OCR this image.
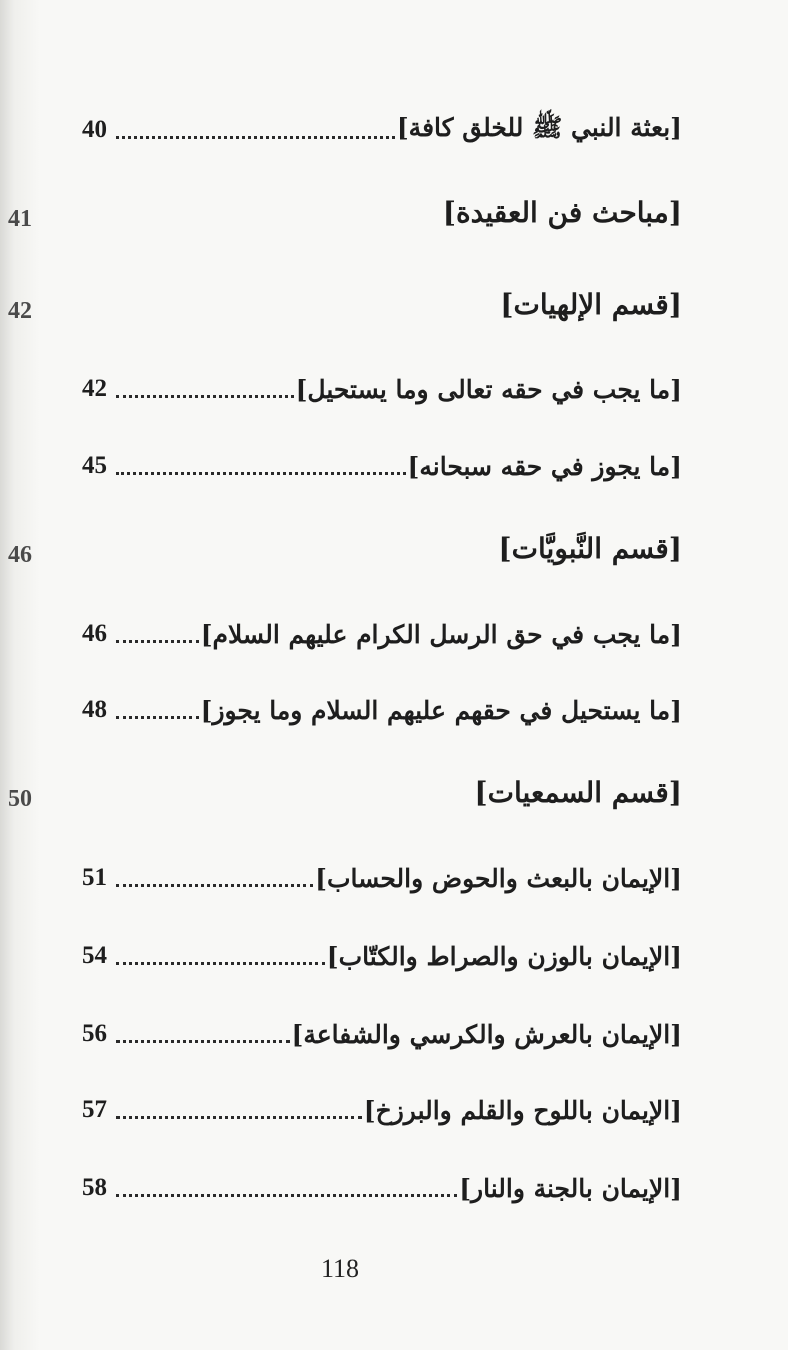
[بعثة النبي ﷺ للخلق كافة]
40
[مباحث فن العقيدة]
41
[قسم الإلهيات]
42
[ما يجب في حقه تعالى وما يستحيل]
42
[ما يجوز في حقه سبحانه]
45
[قسم النَّبويَّات]
46
[ما يجب في حق الرسل الكرام عليهم السلام]
46
[ما يستحيل في حقهم عليهم السلام وما يجوز]
48
[قسم السمعيات]
50
[الإيمان بالبعث والحوض والحساب]
51
[الإيمان بالوزن والصراط والكتّاب]
54
[الإيمان بالعرش والكرسي والشفاعة]
56
[الإيمان باللوح والقلم والبرزخ]
57
[الإيمان بالجنة والنار]
58
118
